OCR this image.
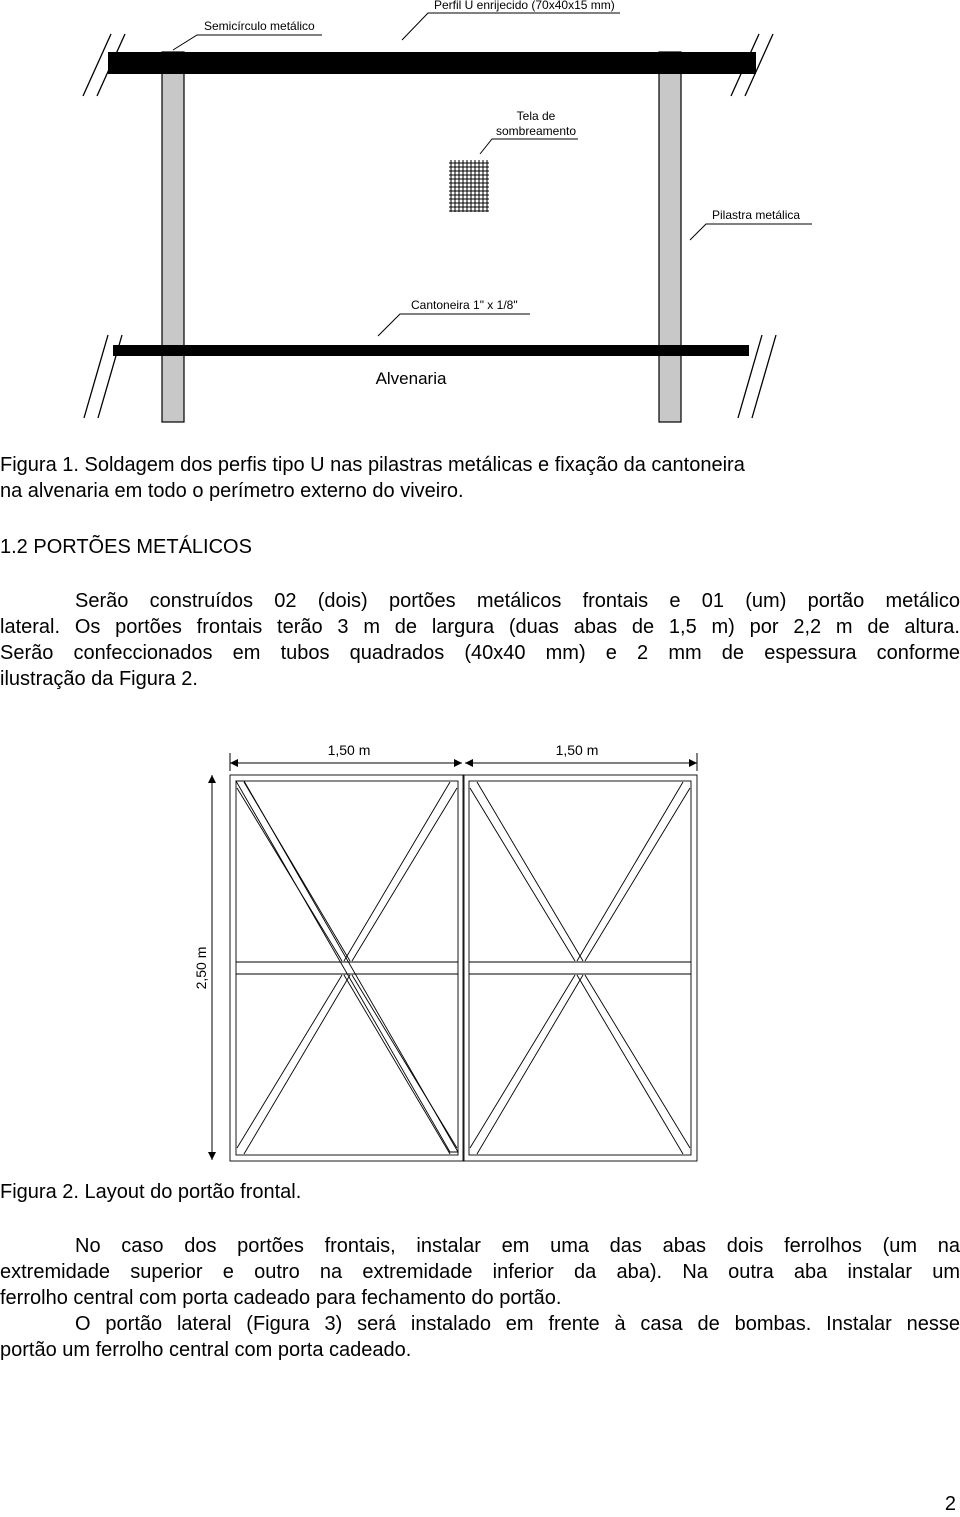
D	D
Semicírculo metálico
Perfil U enrijecido (70x40x15 mm)
Tela de
sombreamento
Pilastra metálica
Cantoneira 1" x 1/8"
Alvenaria
Figura 1. Soldagem dos perfis tipo U nas pilastras metálicas e fixação da cantoneira
na alvenaria em todo o perímetro externo do viveiro.
1.2 PORTÕES METÁLICOS
Serão construídos 02 (dois) portões metálicos frontais e 01 (um) portão metálico
lateral. Os portões frontais terão 3 m de largura (duas abas de 1,5 m) por 2,2 m de altura.
Serão confeccionados em tubos quadrados (40x40 mm) e 2 mm de espessura conforme
ilustração da Figura 2.
1,50 m	1,50 m
2,50 m
Figura 2. Layout do portão frontal.
No caso dos portões frontais, instalar em uma das abas dois ferrolhos (um na
extremidade superior e outro na extremidade inferior da aba). Na outra aba instalar um
ferrolho central com porta cadeado para fechamento do portão.
O portão lateral (Figura 3) será instalado em frente à casa de bombas. Instalar nesse
portão um ferrolho central com porta cadeado.
2
